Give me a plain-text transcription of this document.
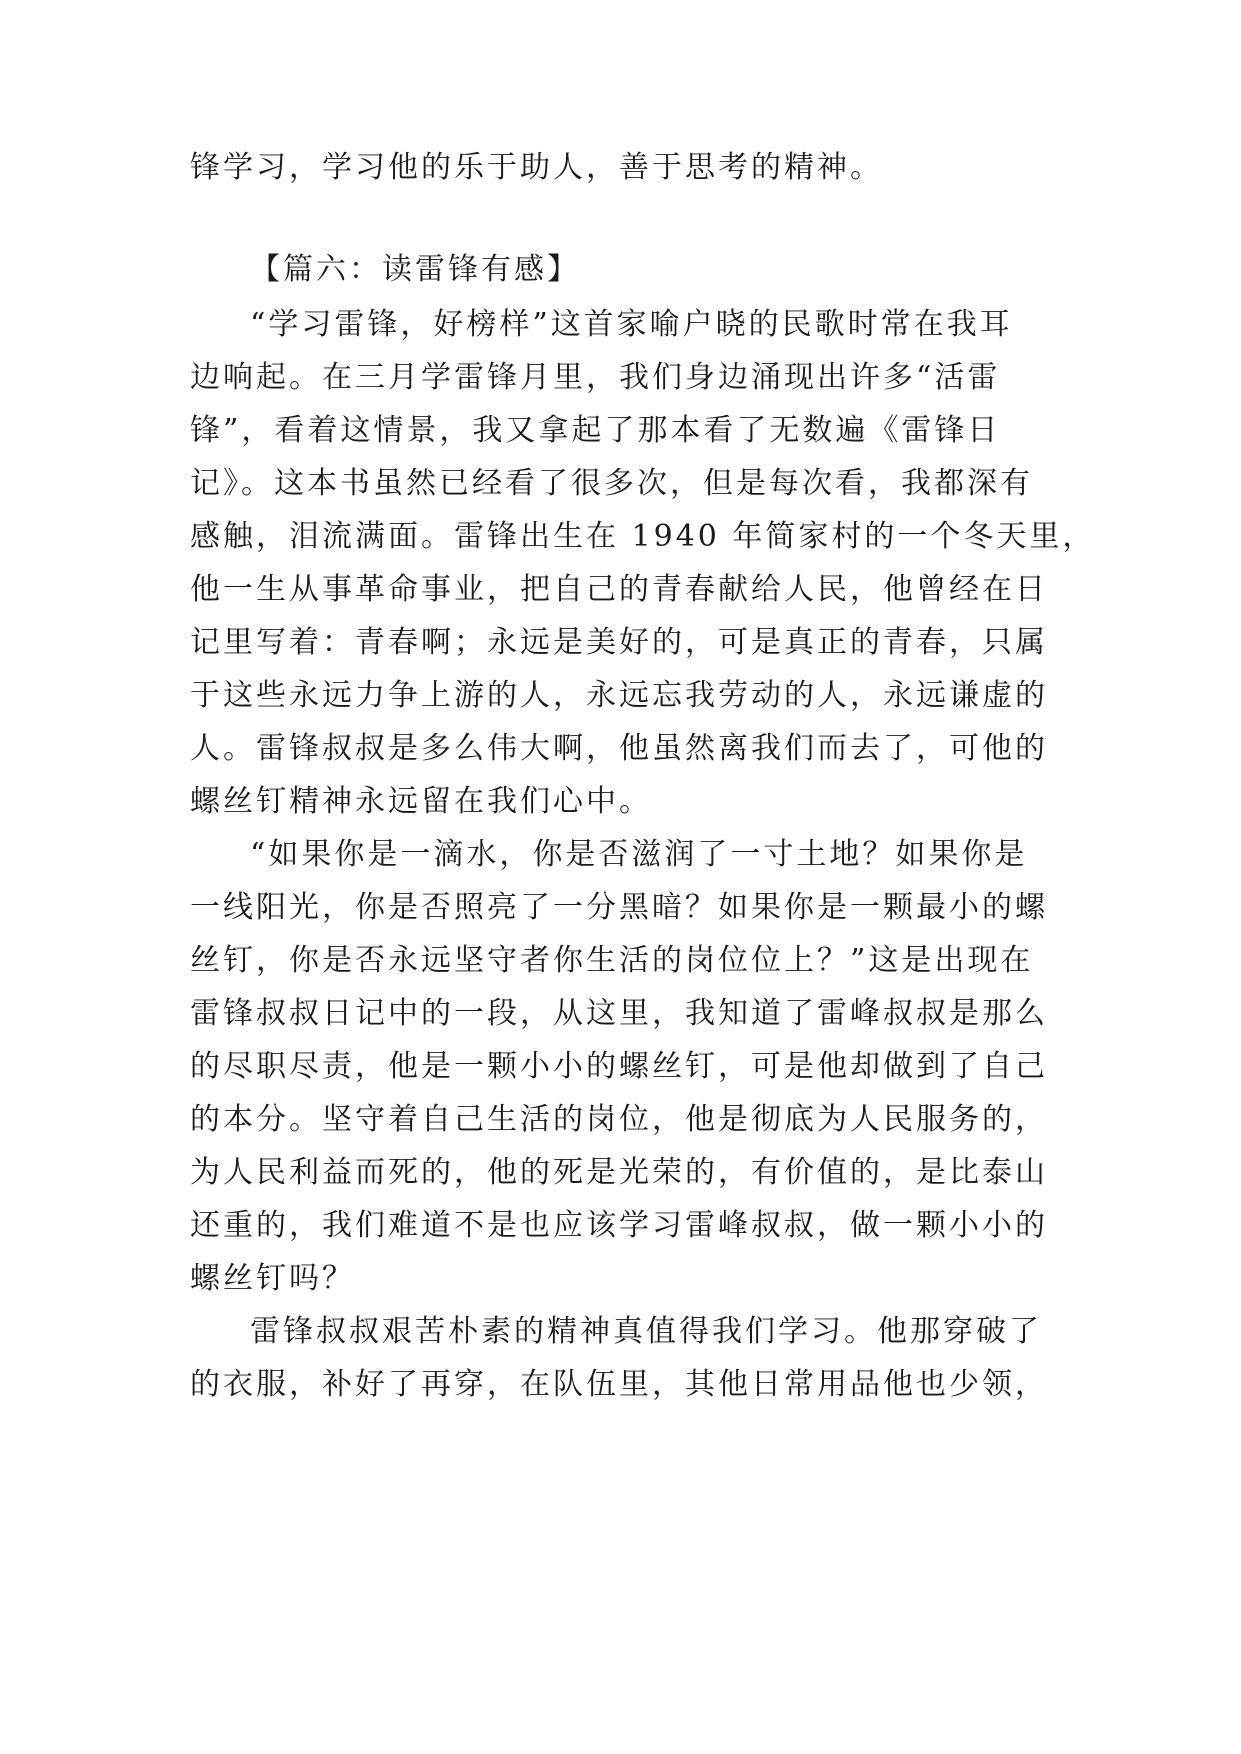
锋学习，学习他的乐于助人，善于思考的精神。
【篇六：读雷锋有感】
“学习雷锋，好榜样”这首家喻户晓的民歌时常在我耳
边响起。在三月学雷锋月里，我们身边涌现出许多“活雷
锋”，看着这情景，我又拿起了那本看了无数遍《雷锋日
记》。这本书虽然已经看了很多次，但是每次看，我都深有
感触，泪流满面。雷锋出生在 1940 年简家村的一个冬天里，
他一生从事革命事业，把自己的青春献给人民，他曾经在日
记里写着：青春啊；永远是美好的，可是真正的青春，只属
于这些永远力争上游的人，永远忘我劳动的人，永远谦虚的
人。雷锋叔叔是多么伟大啊，他虽然离我们而去了，可他的
螺丝钉精神永远留在我们心中。
“如果你是一滴水，你是否滋润了一寸土地？如果你是
一线阳光，你是否照亮了一分黑暗？如果你是一颗最小的螺
丝钉，你是否永远坚守者你生活的岗位位上？”这是出现在
雷锋叔叔日记中的一段，从这里，我知道了雷峰叔叔是那么
的尽职尽责，他是一颗小小的螺丝钉，可是他却做到了自己
的本分。坚守着自己生活的岗位，他是彻底为人民服务的，
为人民利益而死的，他的死是光荣的，有价值的，是比泰山
还重的，我们难道不是也应该学习雷峰叔叔，做一颗小小的
螺丝钉吗？
雷锋叔叔艰苦朴素的精神真值得我们学习。他那穿破了
的衣服，补好了再穿，在队伍里，其他日常用品他也少领，
